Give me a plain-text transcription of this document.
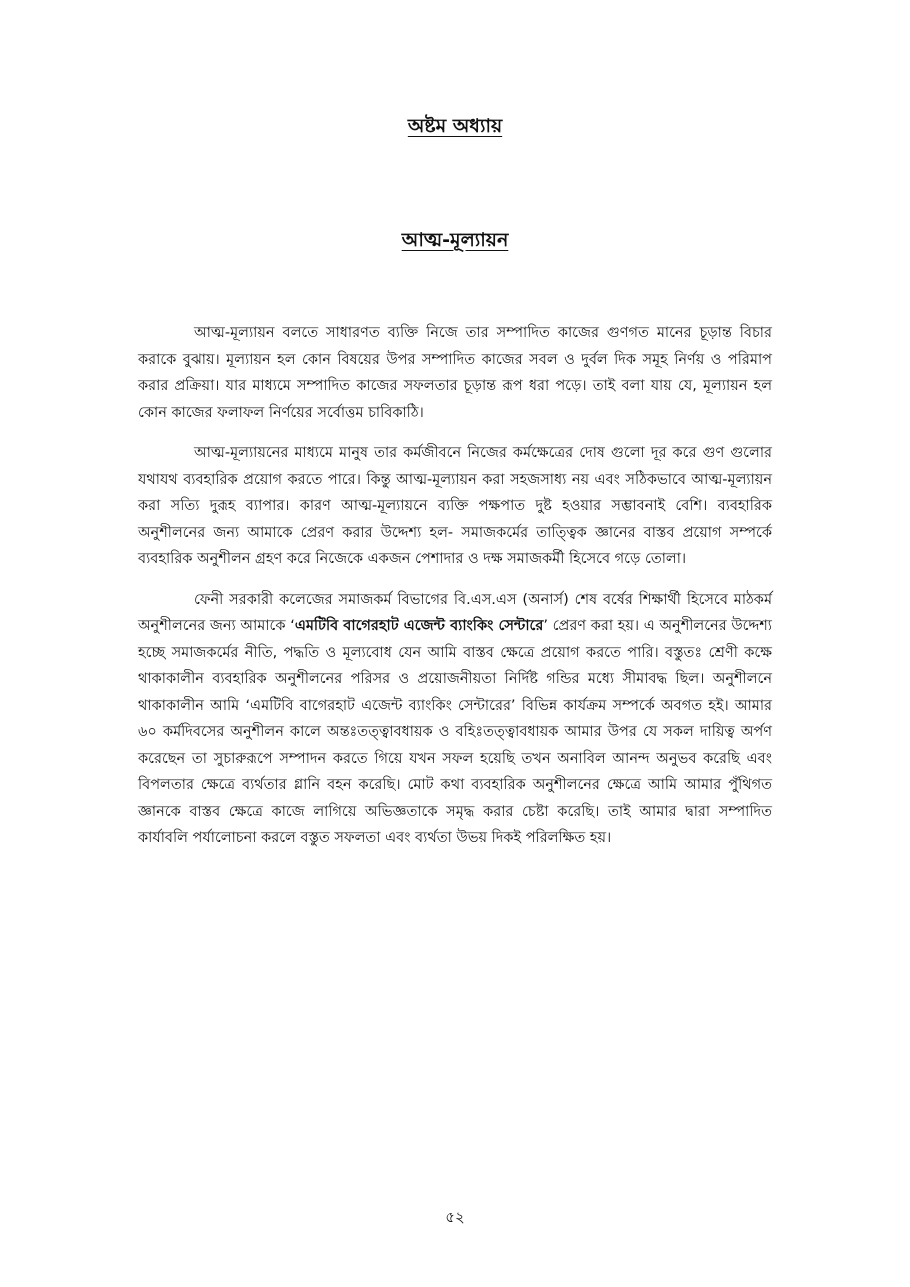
অষ্টম অধ্যায়
আত্ম-মূল্যায়ন

আত্ম-মূল্যায়ন বলতে সাধারণত ব্যক্তি নিজে তার সম্পাদিত কাজের গুণগত মানের চূড়ান্ত বিচার করাকে বুঝায়। মূল্যায়ন হল কোন বিষয়ের উপর সম্পাদিত কাজের সবল ও দুর্বল দিক সমূহ নির্ণয় ও পরিমাপ করার প্রক্রিয়া। যার মাধ্যমে সম্পাদিত কাজের সফলতার চূড়ান্ত রূপ ধরা পড়ে। তাই বলা যায় যে, মূল্যায়ন হল কোন কাজের ফলাফল নির্ণয়ের সর্বোত্তম চাবিকাঠি।

আত্ম-মূল্যায়নের মাধ্যমে মানুষ তার কর্মজীবনে নিজের কর্মক্ষেত্রের দোষ গুলো দূর করে গুণ গুলোর যথাযথ ব্যবহারিক প্রয়োগ করতে পারে। কিন্তু আত্ম-মূল্যায়ন করা সহজসাধ্য নয় এবং সঠিকভাবে আত্ম-মূল্যায়ন করা সত্যি দুরূহ ব্যাপার। কারণ আত্ম-মূল্যায়নে ব্যক্তি পক্ষপাত দুষ্ট হওয়ার সম্ভাবনাই বেশি। ব্যবহারিক অনুশীলনের জন্য আমাকে প্রেরণ করার উদ্দেশ্য হল- সমাজকর্মের তাত্ত্বিক জ্ঞানের বাস্তব প্রয়োগ সম্পর্কে ব্যবহারিক অনুশীলন গ্রহণ করে নিজেকে একজন পেশাদার ও দক্ষ সমাজকর্মী হিসেবে গড়ে তোলা।

ফেনী সরকারী কলেজের সমাজকর্ম বিভাগের বি.এস.এস (অনার্স) শেষ বর্ষের শিক্ষার্থী হিসেবে মাঠকর্ম অনুশীলনের জন্য আমাকে ‘এমটিবি বাগেরহাট এজেন্ট ব্যাংকিং সেন্টারে’ প্রেরণ করা হয়। এ অনুশীলনের উদ্দেশ্য হচ্ছে সমাজকর্মের নীতি, পদ্ধতি ও মূল্যবোধ যেন আমি বাস্তব ক্ষেত্রে প্রয়োগ করতে পারি। বস্তুতঃ শ্রেণী কক্ষে থাকাকালীন ব্যবহারিক অনুশীলনের পরিসর ও প্রয়োজনীয়তা নির্দিষ্ট গন্ডির মধ্যে সীমাবদ্ধ ছিল। অনুশীলনে থাকাকালীন আমি ‘এমটিবি বাগেরহাট এজেন্ট ব্যাংকিং সেন্টারের’ বিভিন্ন কার্যক্রম সম্পর্কে অবগত হই। আমার ৬০ কর্মদিবসের অনুশীলন কালে অন্তঃতত্ত্বাবধায়ক ও বহিঃতত্ত্বাবধায়ক আমার উপর যে সকল দায়িত্ব অর্পণ করেছেন তা সুচারুরূপে সম্পাদন করতে গিয়ে যখন সফল হয়েছি তখন অনাবিল আনন্দ অনুভব করেছি এবং বিপলতার ক্ষেত্রে ব্যর্থতার গ্লানি বহন করেছি। মোট কথা ব্যবহারিক অনুশীলনের ক্ষেত্রে আমি আমার পুঁথিগত জ্ঞানকে বাস্তব ক্ষেত্রে কাজে লাগিয়ে অভিজ্ঞতাকে সমৃদ্ধ করার চেষ্টা করেছি। তাই আমার দ্বারা সম্পাদিত কার্যাবলি পর্যালোচনা করলে বস্তুত সফলতা এবং ব্যর্থতা উভয় দিকই পরিলক্ষিত হয়।

৫২
